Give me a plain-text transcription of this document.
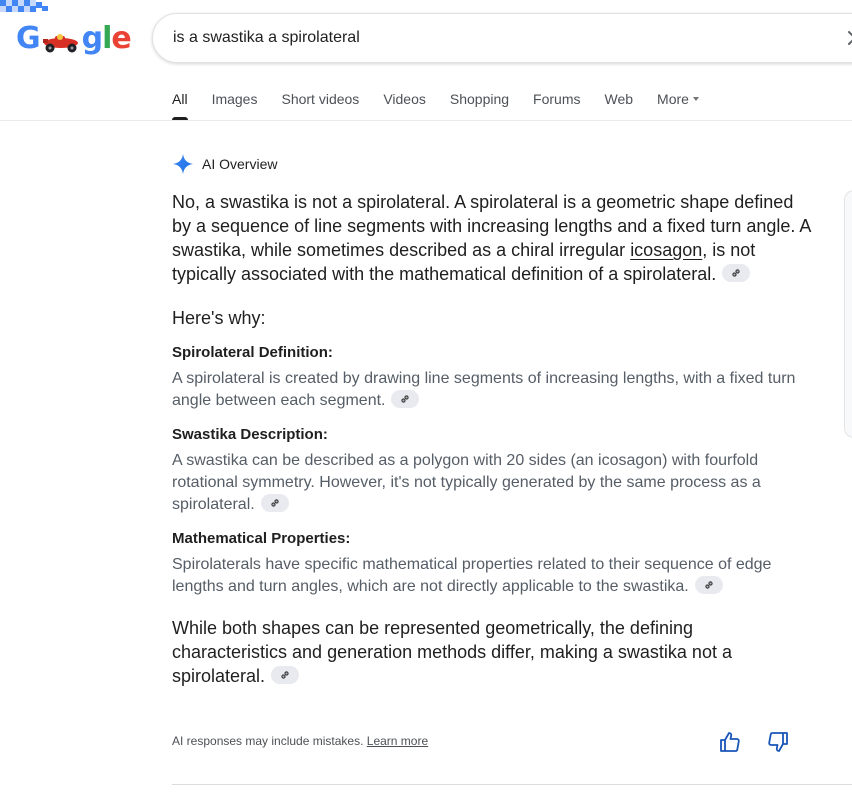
G gle
is a swastika a spirolateral
All Images Short videos Videos Shopping Forums Web More
AI Overview

No, a swastika is not a spirolateral. A spirolateral is a geometric shape defined by a sequence of line segments with increasing lengths and a fixed turn angle. A swastika, while sometimes described as a chiral irregular icosagon, is not typically associated with the mathematical definition of a spirolateral.

Here's why:

Spirolateral Definition:

A spirolateral is created by drawing line segments of increasing lengths, with a fixed turn angle between each segment.

Swastika Description:

A swastika can be described as a polygon with 20 sides (an icosagon) with fourfold rotational symmetry. However, it's not typically generated by the same process as a spirolateral.

Mathematical Properties:

Spirolaterals have specific mathematical properties related to their sequence of edge lengths and turn angles, which are not directly applicable to the swastika.

While both shapes can be represented geometrically, the defining characteristics and generation methods differ, making a swastika not a spirolateral.

AI responses may include mistakes. Learn more
